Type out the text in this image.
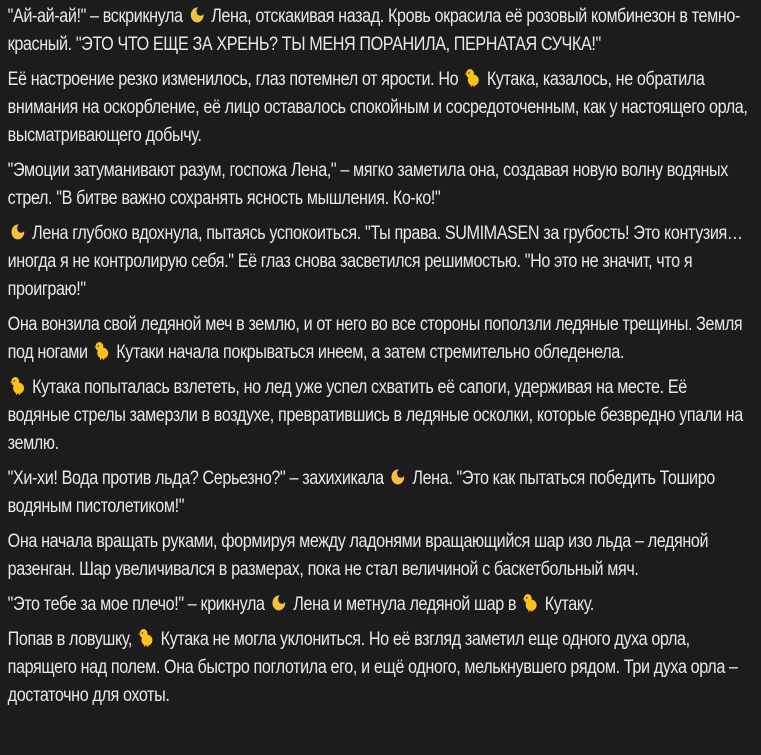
"Ай-ай-ай!" – вскрикнула
Лена, отскакивая назад. Кровь окрасила её розовый комбинезон в темно-красный. "ЭТО ЧТО ЕЩЕ ЗА ХРЕНЬ? ТЫ МЕНЯ ПОРАНИЛА, ПЕРНАТАЯ СУЧКА!"

Её настроение резко изменилось, глаз потемнел от ярости. Но
Кутака, казалось, не обратила внимания на оскорбление, её лицо оставалось спокойным и сосредоточенным, как у настоящего орла, высматривающего добычу.

"Эмоции затуманивают разум, госпожа Лена," – мягко заметила она, создавая новую волну водяных стрел. "В битве важно сохранять ясность мышления. Ко-ко!"

Лена глубоко вдохнула, пытаясь успокоиться. "Ты права. SUMIMASEN за грубость! Это контузия… иногда я не контролирую себя." Её глаз снова засветился решимостью. "Но это не значит, что я проиграю!"

Она вонзила свой ледяной меч в землю, и от него во все стороны поползли ледяные трещины. Земля под ногами
Кутаки начала покрываться инеем, а затем стремительно обледенела.

Кутака попыталась взлететь, но лед уже успел схватить её сапоги, удерживая на месте. Её водяные стрелы замерзли в воздухе, превратившись в ледяные осколки, которые безвредно упали на землю.

"Хи-хи! Вода против льда? Серьезно?" – захихикала
Лена. "Это как пытаться победить Тоширо водяным пистолетиком!"

Она начала вращать руками, формируя между ладонями вращающийся шар изо льда – ледяной разенган. Шар увеличивался в размерах, пока не стал величиной с баскетбольный мяч.

"Это тебе за мое плечо!" – крикнула
Лена и метнула ледяной шар в
Кутаку.

Попав в ловушку,
Кутака не могла уклониться. Но её взгляд заметил еще одного духа орла, парящего над полем. Она быстро поглотила его, и ещё одного, мелькнувшего рядом. Три духа орла – достаточно для охоты.
